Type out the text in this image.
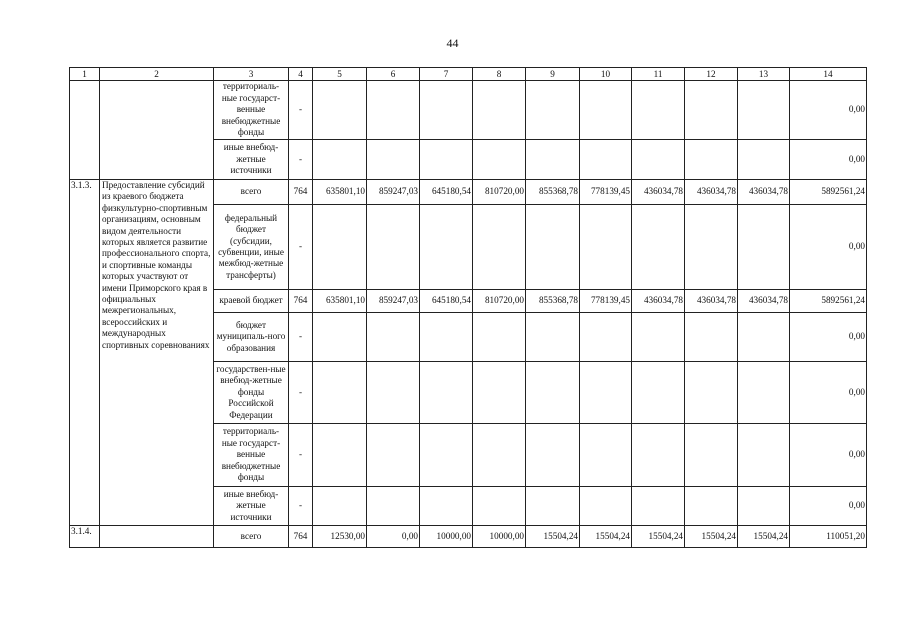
44
1	2	3	4	5	6	7	8	9	10	11	12	13	14
		территориаль-ные государст-венные внебюджетные фонды	-										0,00
		иные внебюд-жетные источники	-										0,00
3.1.3.	Предоставление субсидий из краевого бюджета физкультурно-спортивным организациям, основным видом деятельности которых является развитие профессионального спорта, и спортивные команды которых участвуют от имени Приморского края в официальных межрегиональных, всероссийских и международных спортивных соревнованиях	всего	764	635801,10	859247,03	645180,54	810720,00	855368,78	778139,45	436034,78	436034,78	436034,78	5892561,24
		федеральный бюджет (субсидии, субвенции, иные межбюд-жетные трансферты)	-										0,00
		краевой бюджет	764	635801,10	859247,03	645180,54	810720,00	855368,78	778139,45	436034,78	436034,78	436034,78	5892561,24
		бюджет муниципаль-ного образования	-										0,00
		государствен-ные внебюд-жетные фонды Российской Федерации	-										0,00
		территориаль-ные государст-венные внебюджетные фонды	-										0,00
		иные внебюд-жетные источники	-										0,00
3.1.4.		всего	764	12530,00	0,00	10000,00	10000,00	15504,24	15504,24	15504,24	15504,24	15504,24	110051,20
